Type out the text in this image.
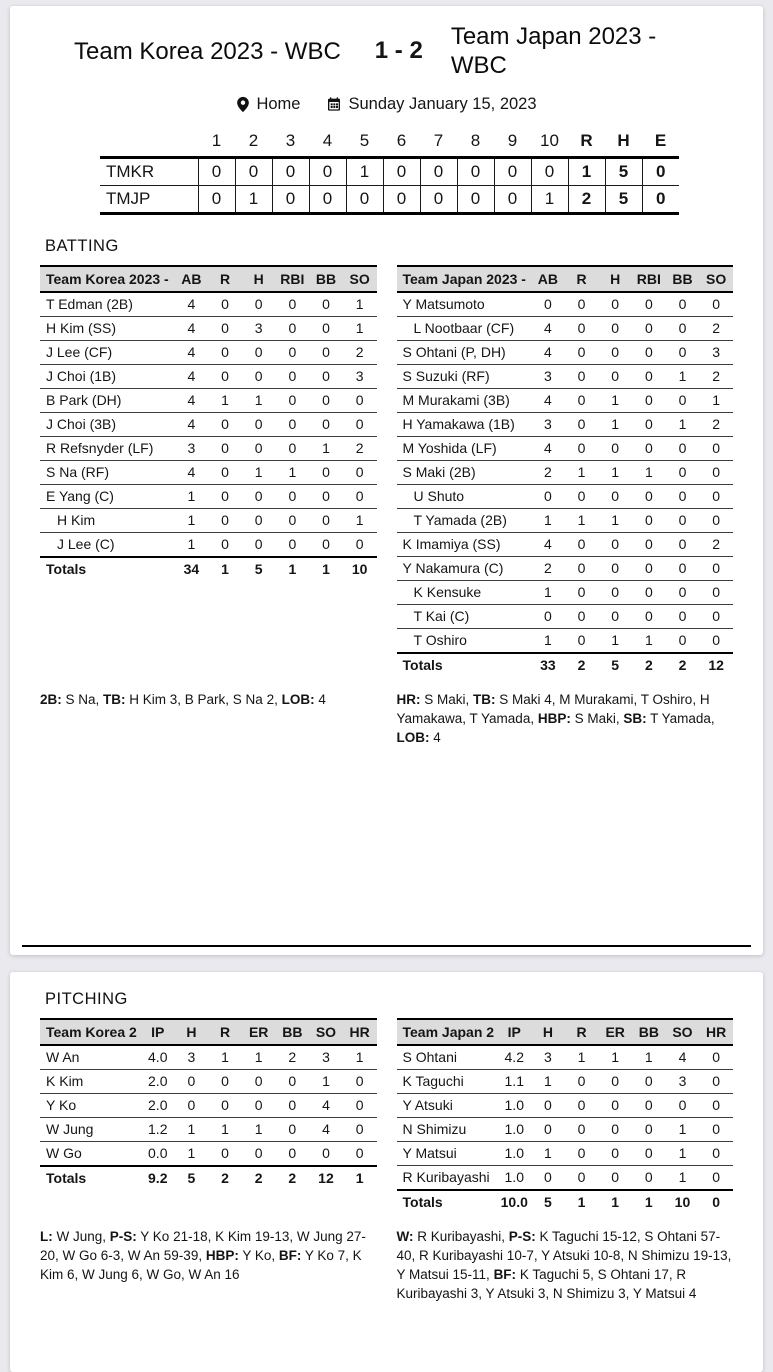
Team Korea 2023 - WBC 1 - 2
Team Japan 2023 - WBC
Home	Sunday January 15, 2023
	1	2	3	4	5	6	7	8	9	10	R	H	E
TMKR	0	0	0	0	1	0	0	0	0	0	1	5	0
TMJP	0	1	0	0	0	0	0	0	0	1	2	5	0
BATTING
Team Korea 2023 -	AB	R	H	RBI	BB	SO
T Edman (2B)	4	0	0	0	0	1
H Kim (SS)	4	0	3	0	0	1
J Lee (CF)	4	0	0	0	0	2
J Choi (1B)	4	0	0	0	0	3
B Park (DH)	4	1	1	0	0	0
J Choi (3B)	4	0	0	0	0	0
R Refsnyder (LF)	3	0	0	0	1	2
S Na (RF)	4	0	1	1	0	0
E Yang (C)	1	0	0	0	0	0
H Kim	1	0	0	0	0	1
J Lee (C)	1	0	0	0	0	0
Totals	34	1	5	1	1	10
Team Japan 2023 -	AB	R	H	RBI	BB	SO
Y Matsumoto	0	0	0	0	0	0
L Nootbaar (CF)	4	0	0	0	0	2
S Ohtani (P, DH)	4	0	0	0	0	3
S Suzuki (RF)	3	0	0	0	1	2
M Murakami (3B)	4	0	1	0	0	1
H Yamakawa (1B)	3	0	1	0	1	2
M Yoshida (LF)	4	0	0	0	0	0
S Maki (2B)	2	1	1	1	0	0
U Shuto	0	0	0	0	0	0
T Yamada (2B)	1	1	1	0	0	0
K Imamiya (SS)	4	0	0	0	0	2
Y Nakamura (C)	2	0	0	0	0	0
K Kensuke	1	0	0	0	0	0
T Kai (C)	0	0	0	0	0	0
T Oshiro	1	0	1	1	0	0
Totals	33	2	5	2	2	12
2B: S Na, TB: H Kim 3, B Park, S Na 2, LOB: 4	HR: S Maki, TB: S Maki 4, M Murakami, T Oshiro, H Yamakawa, T Yamada, HBP: S Maki, SB: T Yamada, LOB: 4
PITCHING
Team Korea 2	IP	H	R	ER	BB	SO	HR
W An	4.0	3	1	1	2	3	1
K Kim	2.0	0	0	0	0	1	0
Y Ko	2.0	0	0	0	0	4	0
W Jung	1.2	1	1	1	0	4	0
W Go	0.0	1	0	0	0	0	0
Totals	9.2	5	2	2	2	12	1
Team Japan 2	IP	H	R	ER	BB	SO	HR
S Ohtani	4.2	3	1	1	1	4	0
K Taguchi	1.1	1	0	0	0	3	0
Y Atsuki	1.0	0	0	0	0	0	0
N Shimizu	1.0	0	0	0	0	1	0
Y Matsui	1.0	1	0	0	0	1	0
R Kuribayashi	1.0	0	0	0	0	1	0
Totals	10.0	5	1	1	1	10	0
L: W Jung, P-S: Y Ko 21-18, K Kim 19-13, W Jung 27-20, W Go 6-3, W An 59-39, HBP: Y Ko, BF: Y Ko 7, K Kim 6, W Jung 6, W Go, W An 16
W: R Kuribayashi, P-S: K Taguchi 15-12, S Ohtani 57-40, R Kuribayashi 10-7, Y Atsuki 10-8, N Shimizu 19-13, Y Matsui 15-11, BF: K Taguchi 5, S Ohtani 17, R Kuribayashi 3, Y Atsuki 3, N Shimizu 3, Y Matsui 4
